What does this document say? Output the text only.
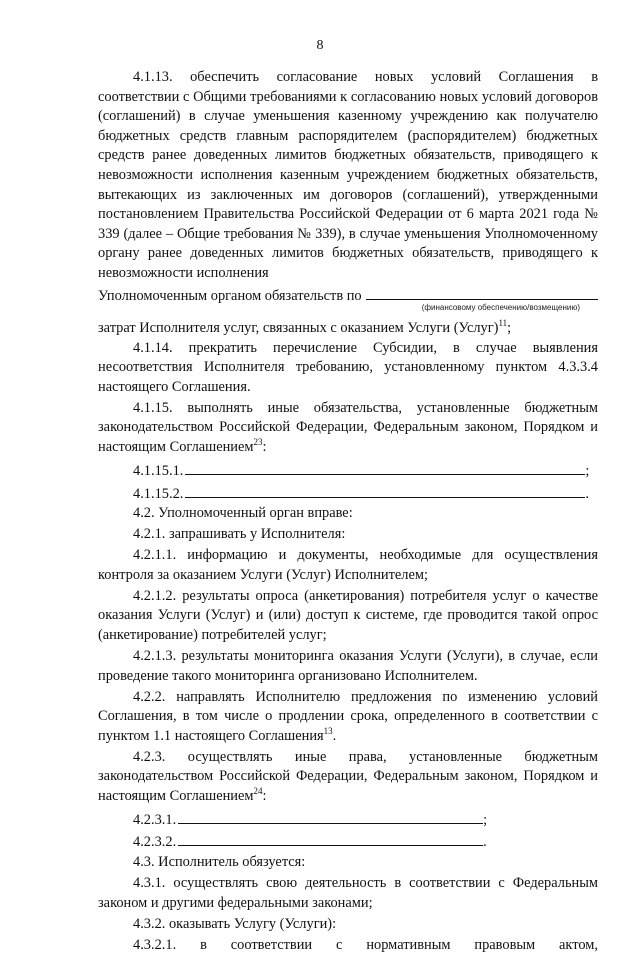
8

4.1.13. обеспечить согласование новых условий Соглашения в соответствии с Общими требованиями к согласованию новых условий договоров (соглашений) в случае уменьшения казенному учреждению как получателю бюджетных средств главным распорядителем (распорядителем) бюджетных средств ранее доведенных лимитов бюджетных обязательств, приводящего к невозможности исполнения казенным учреждением бюджетных обязательств, вытекающих из заключенных им договоров (соглашений), утвержденными постановлением Правительства Российской Федерации от 6 марта 2021 года № 339 (далее – Общие требования № 339), в случае уменьшения Уполномоченному органу ранее доведенных лимитов бюджетных обязательств, приводящего к невозможности исполнения

Уполномоченным органом обязательств по
(финансовому обеспечению/возмещению)

затрат Исполнителя услуг, связанных с оказанием Услуги (Услуг)$^{11}$;

4.1.14. прекратить перечисление Субсидии, в случае выявления несоответствия Исполнителя требованию, установленному пунктом 4.3.3.4 настоящего Соглашения.

4.1.15. выполнять иные обязательства, установленные бюджетным законодательством Российской Федерации, Федеральным законом, Порядком и настоящим Соглашением$^{23}$:

4.1.15.1.	;
4.1.15.2.	.

4.2. Уполномоченный орган вправе:

4.2.1. запрашивать у Исполнителя:

4.2.1.1. информацию и документы, необходимые для осуществления контроля за оказанием Услуги (Услуг) Исполнителем;

4.2.1.2. результаты опроса (анкетирования) потребителя услуг о качестве оказания Услуги (Услуг) и (или) доступ к системе, где проводится такой опрос (анкетирование) потребителей услуг;

4.2.1.3. результаты мониторинга оказания Услуги (Услуги), в случае, если проведение такого мониторинга организовано Исполнителем.

4.2.2. направлять Исполнителю предложения по изменению условий Соглашения, в том числе о продлении срока, определенного в соответствии с пунктом 1.1 настоящего Соглашения$^{13}$.

4.2.3. осуществлять иные права, установленные бюджетным законодательством Российской Федерации, Федеральным законом, Порядком и настоящим Соглашением$^{24}$:

4.2.3.1.	;
4.2.3.2.	.

4.3. Исполнитель обязуется:

4.3.1. осуществлять свою деятельность в соответствии с Федеральным законом и другими федеральными законами;

4.3.2. оказывать Услугу (Услуги):

4.3.2.1. в соответствии с нормативным правовым актом,
